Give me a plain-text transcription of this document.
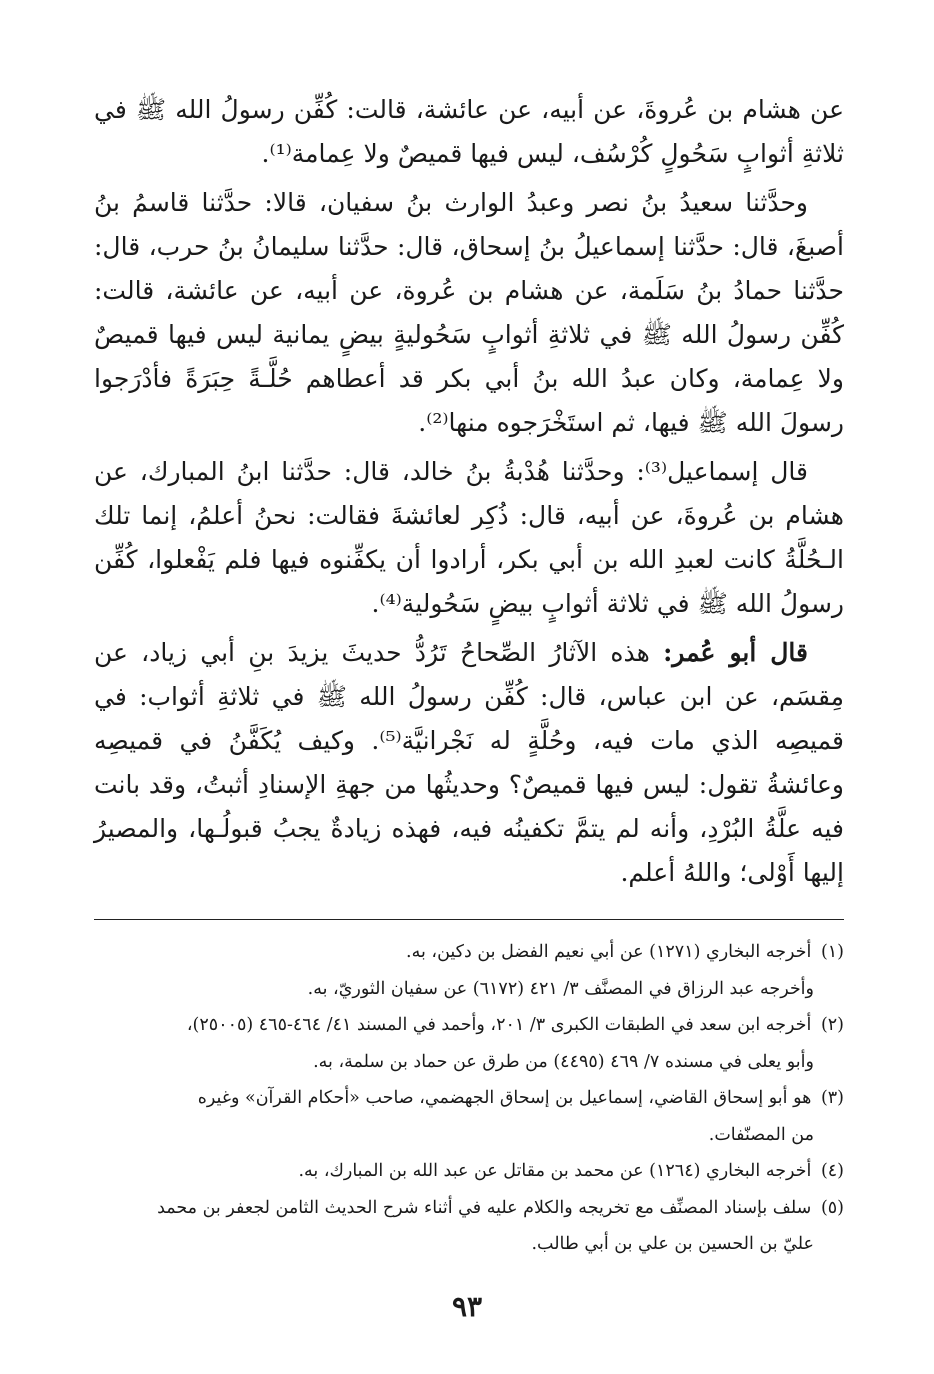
عن هشام بن عُروةَ، عن أبيه، عن عائشة، قالت: كُفِّن رسولُ الله ﷺ في ثلاثةِ أثوابٍ سَحُولٍ كُرْسُف، ليس فيها قميصٌ ولا عِمامة⁽¹⁾.

وحدَّثنا سعيدُ بنُ نصر وعبدُ الوارث بنُ سفيان، قالا: حدَّثنا قاسمُ بنُ أصبغَ، قال: حدَّثنا إسماعيلُ بنُ إسحاق، قال: حدَّثنا سليمانُ بنُ حرب، قال: حدَّثنا حمادُ بنُ سَلَمة، عن هشام بن عُروة، عن أبيه، عن عائشة، قالت: كُفِّن رسولُ الله ﷺ في ثلاثةِ أثوابٍ سَحُوليةٍ بيضٍ يمانية ليس فيها قميصٌ ولا عِمامة، وكان عبدُ الله بنُ أبي بكر قد أعطاهم حُلَّـةً حِبَرَةً فأدْرَجوا رسولَ الله ﷺ فيها، ثم استَخْرَجوه منها⁽²⁾.

قال إسماعيل⁽³⁾: وحدَّثنا هُدْبةُ بنُ خالد، قال: حدَّثنا ابنُ المبارك، عن هشام بن عُروةَ، عن أبيه، قال: ذُكِر لعائشةَ فقالت: نحنُ أعلمُ، إنما تلك الـحُلَّةُ كانت لعبدِ الله بن أبي بكر، أرادوا أن يكفِّنوه فيها فلم يَفْعلوا، كُفِّن رسولُ الله ﷺ في ثلاثة أثوابٍ بيضٍ سَحُولية⁽⁴⁾.

قال أبو عُمر: هذه الآثارُ الصِّحاحُ تَرُدُّ حديثَ يزيدَ بنِ أبي زياد، عن مِقسَم، عن ابن عباس، قال: كُفِّن رسولُ الله ﷺ في ثلاثةِ أثواب: في قميصِه الذي مات فيه، وحُلَّةٍ له نَجْرانيَّة⁽⁵⁾. وكيف يُكَفَّنُ في قميصِه وعائشةُ تقول: ليس فيها قميصٌ؟ وحديثُها من جهةِ الإسنادِ أثبتُ، وقد بانت فيه علَّةُ البُرْدِ، وأنه لم يتمَّ تكفينُه فيه، فهذه زيادةٌ يجبُ قبولُـها، والمصيرُ إليها أَوْلى؛ واللهُ أعلم.

(١) أخرجه البخاري (١٢٧١) عن أبي نعيم الفضل بن دكين، به.
وأخرجه عبد الرزاق في المصنَّف ٣/ ٤٢١ (٦١٧٢) عن سفيان الثوريّ، به.

(٢) أخرجه ابن سعد في الطبقات الكبرى ٣/ ٢٠١، وأحمد في المسند ٤١/ ٤٦٤-٤٦٥ (٢٥٠٠٥)،
وأبو يعلى في مسنده ٧/ ٤٦٩ (٤٤٩٥) من طرق عن حماد بن سلمة، به.

(٣) هو أبو إسحاق القاضي، إسماعيل بن إسحاق الجهضمي، صاحب «أحكام القرآن» وغيره
من المصنّفات.

(٤) أخرجه البخاري (١٢٦٤) عن محمد بن مقاتل عن عبد الله بن المبارك، به.

(٥) سلف بإسناد المصنِّف مع تخريجه والكلام عليه في أثناء شرح الحديث الثامن لجعفر بن محمد
عليّ بن الحسين بن علي بن أبي طالب.

٩٣
